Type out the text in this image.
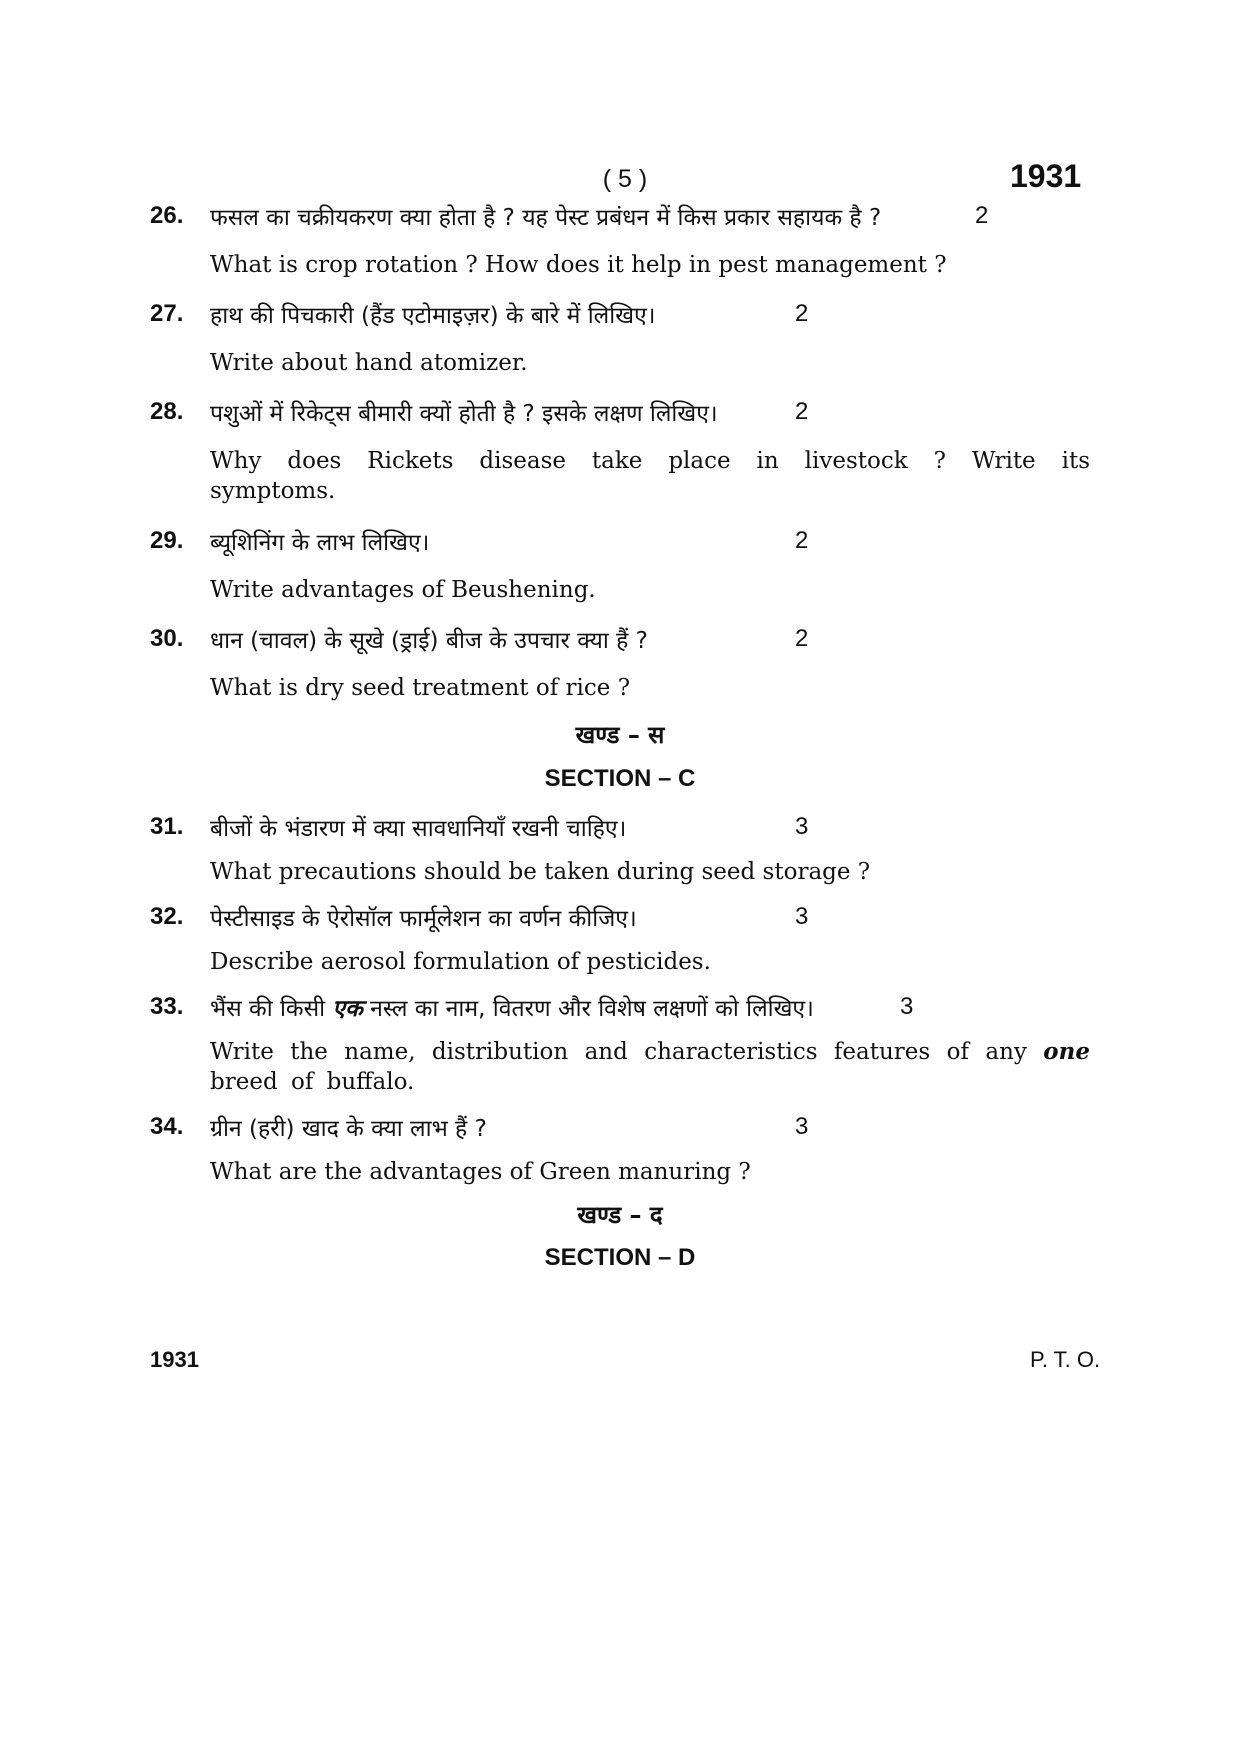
( 5 )	1931
26. फसल का चक्रीयकरण क्या होता है ? यह पेस्ट प्रबंधन में किस प्रकार सहायक है ?	2
What is crop rotation ? How does it help in pest management ?
27. हाथ की पिचकारी (हैंड एटोमाइज़र) के बारे में लिखिए।	2
Write about hand atomizer.
28. पशुओं में रिकेट्स बीमारी क्यों होती है ? इसके लक्षण लिखिए।	2
Why does Rickets disease take place in livestock ? Write its symptoms.
29. ब्यूशिनिंग के लाभ लिखिए।	2
Write advantages of Beushening.
30. धान (चावल) के सूखे (ड्राई) बीज के उपचार क्या हैं ?	2
What is dry seed treatment of rice ?
खण्ड – स
SECTION – C
31. बीजों के भंडारण में क्या सावधानियाँ रखनी चाहिए।	3
What precautions should be taken during seed storage ?
32. पेस्टीसाइड के ऐरोसॉल फार्मूलेशन का वर्णन कीजिए।	3
Describe aerosol formulation of pesticides.
33. भैंस की किसी एक नस्ल का नाम, वितरण और विशेष लक्षणों को लिखिए।	3
Write the name, distribution and characteristics features of any one breed of buffalo.
34. ग्रीन (हरी) खाद के क्या लाभ हैं ?	3
What are the advantages of Green manuring ?
खण्ड – द
SECTION – D
1931	P. T. O.
